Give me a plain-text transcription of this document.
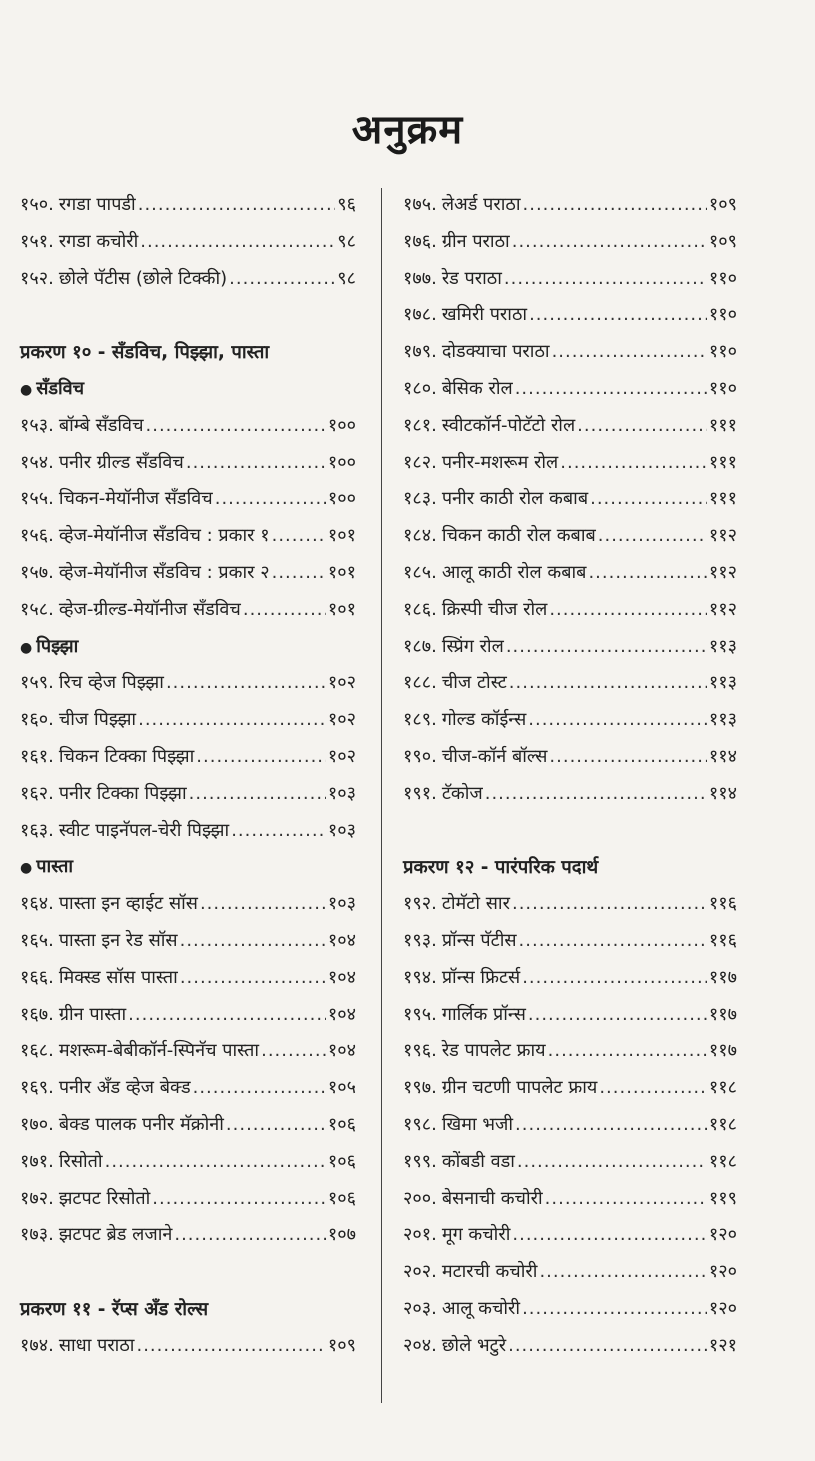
अनुक्रम
१५०. रगडा पापडी .....	९६
१५१. रगडा कचोरी .....	९८
१५२. छोले पॅटीस (छोले टिक्की) .....	९८
प्रकरण १० - सँडविच, पिझ्झा, पास्ता
● सँडविच
१५३. बॉम्बे सँडविच .....	१००
१५४. पनीर ग्रील्ड सँडविच .....	१००
१५५. चिकन-मेयॉनीज सँडविच .....	१००
१५६. व्हेज-मेयॉनीज सँडविच : प्रकार १ .....	१०१
१५७. व्हेज-मेयॉनीज सँडविच : प्रकार २ .....	१०१
१५८. व्हेज-ग्रील्ड-मेयॉनीज सँडविच .....	१०१
● पिझ्झा
१५९. रिच व्हेज पिझ्झा .....	१०२
१६०. चीज पिझ्झा .....	१०२
१६१. चिकन टिक्का पिझ्झा .....	१०२
१६२. पनीर टिक्का पिझ्झा .....	१०३
१६३. स्वीट पाइनॅपल-चेरी पिझ्झा .....	१०३
● पास्ता
१६४. पास्ता इन व्हाईट सॉस .....	१०३
१६५. पास्ता इन रेड सॉस .....	१०४
१६६. मिक्स्ड सॉस पास्ता .....	१०४
१६७. ग्रीन पास्ता .....	१०४
१६८. मशरूम-बेबीकॉर्न-स्पिनॅच पास्ता .....	१०४
१६९. पनीर अँड व्हेज बेक्ड .....	१०५
१७०. बेक्ड पालक पनीर मॅक्रोनी .....	१०६
१७१. रिसोतो .....	१०६
१७२. झटपट रिसोतो .....	१०६
१७३. झटपट ब्रेड लजाने .....	१०७
प्रकरण ११ - रॅप्स अँड रोल्स
१७४. साधा पराठा .....	१०९
१७५. लेअर्ड पराठा .....	१०९
१७६. ग्रीन पराठा .....	१०९
१७७. रेड पराठा .....	११०
१७८. खमिरी पराठा .....	११०
१७९. दोडक्याचा पराठा .....	११०
१८०. बेसिक रोल .....	११०
१८१. स्वीटकॉर्न-पोटॅटो रोल .....	१११
१८२. पनीर-मशरूम रोल .....	१११
१८३. पनीर काठी रोल कबाब .....	१११
१८४. चिकन काठी रोल कबाब .....	११२
१८५. आलू काठी रोल कबाब .....	११२
१८६. क्रिस्पी चीज रोल .....	११२
१८७. स्प्रिंग रोल .....	११३
१८८. चीज टोस्ट .....	११३
१८९. गोल्ड कॉईन्स .....	११३
१९०. चीज-कॉर्न बॉल्स .....	११४
१९१. टॅकोज .....	११४
प्रकरण १२ - पारंपरिक पदार्थ
१९२. टोमॅटो सार .....	११६
१९३. प्रॉन्स पॅटीस .....	११६
१९४. प्रॉन्स फ्रिटर्स .....	११७
१९५. गार्लिक प्रॉन्स .....	११७
१९६. रेड पापलेट फ्राय .....	११७
१९७. ग्रीन चटणी पापलेट फ्राय .....	११८
१९८. खिमा भजी .....	११८
१९९. कोंबडी वडा .....	११८
२००. बेसनाची कचोरी .....	११९
२०१. मूग कचोरी .....	१२०
२०२. मटारची कचोरी .....	१२०
२०३. आलू कचोरी .....	१२०
२०४. छोले भटुरे .....	१२१
